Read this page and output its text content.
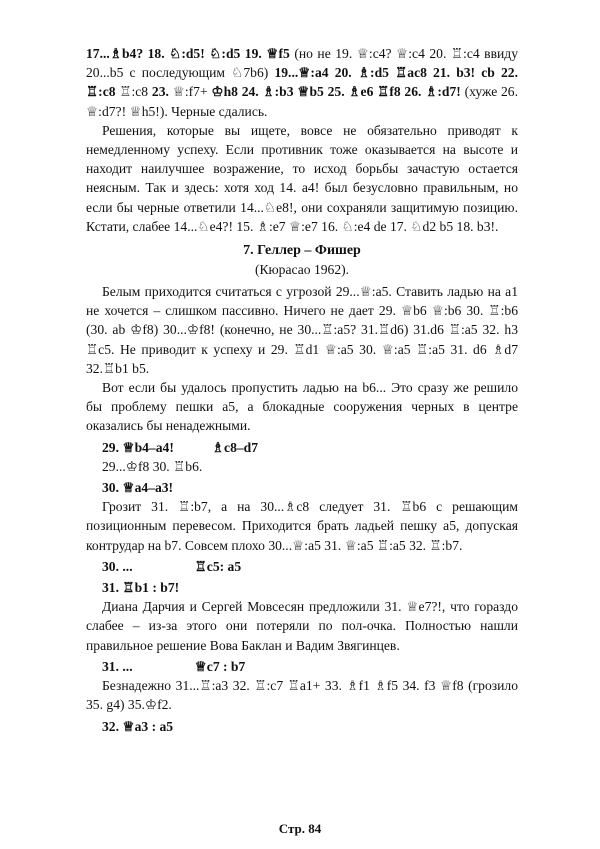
17...♗b4? 18. ♘:d5! ♘:d5 19. ♕f5 (но не 19. ♕:c4? ♕:c4 20. ♖:c4 ввиду 20...b5 с последующим ♘7b6) 19...♕:a4 20. ♗:d5 ♖ac8 21. b3! cb 22. ♖:c8 ♖:c8 23. ♕:f7+ ♔h8 24. ♗:b3 ♕b5 25. ♗e6 ♖f8 26. ♗:d7! (хуже 26. ♕:d7?! ♕h5!). Черные сдались.

Решения, которые вы ищете, вовсе не обязательно приводят к немедленному успеху. Если противник тоже оказывается на высоте и находит наилучшее возражение, то исход борьбы зачастую остается неясным. Так и здесь: хотя ход 14. a4! был безусловно правильным, но если бы черные ответили 14...♘e8!, они сохраняли защитимую позицию. Кстати, слабее 14...♘e4?! 15. ♗:e7 ♕:e7 16. ♘:e4 de 17. ♘d2 b5 18. b3!.

7. Геллер – Фишер
(Кюрасао 1962).

Белым приходится считаться с угрозой 29...♕:a5. Ставить ладью на a1 не хочется – слишком пассивно. Ничего не дает 29. ♕b6 ♕:b6 30. ♖:b6 (30. ab ♔f8) 30...♔f8! (конечно, не 30...♖:a5? 31.♖d6) 31.d6 ♖:a5 32. h3 ♖c5. Не приводит к успеху и 29. ♖d1 ♕:a5 30. ♕:a5 ♖:a5 31. d6 ♗d7 32.♖b1 b5.

Вот если бы удалось пропустить ладью на b6... Это сразу же решило бы проблему пешки a5, а блокадные сооружения черных в центре оказались бы ненадежными.

29. ♕b4–a4!	♗c8–d7

29...♔f8 30. ♖b6.

30. ♕a4–a3!

Грозит 31. ♖:b7, а на 30...♗c8 следует 31. ♖b6 с решающим позиционным перевесом. Приходится брать ладьей пешку a5, допуская контрудар на b7. Совсем плохо 30...♕:a5 31. ♕:a5 ♖:a5 32. ♖:b7.

30. ...	♖c5: a5
31. ♖b1 : b7!

Диана Дарчия и Сергей Мовсесян предложили 31. ♕e7?!, что гораздо слабее – из-за этого они потеряли по пол-очка. Полностью нашли правильное решение Вова Баклан и Вадим Звягинцев.

31. ...	♕c7 : b7

Безнадежно 31...♖:a3 32. ♖:c7 ♖a1+ 33. ♗f1 ♗f5 34. f3 ♕f8 (грозило 35. g4) 35.♔f2.

32. ♕a3 : a5
Стр. 84
